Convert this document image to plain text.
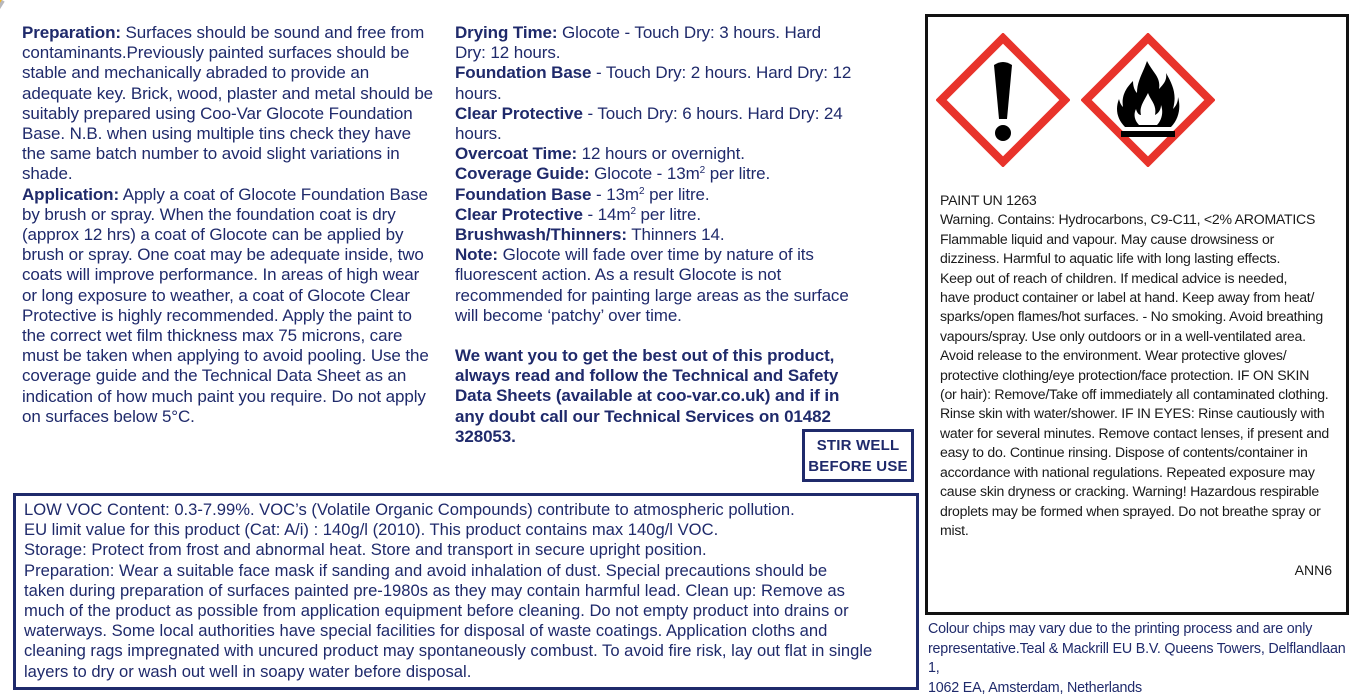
Preparation: Surfaces should be sound and free from contaminants.Previously painted surfaces should be stable and mechanically abraded to provide an adequate key. Brick, wood, plaster and metal should be suitably prepared using Coo-Var Glocote Foundation Base. N.B. when using multiple tins check they have the same batch number to avoid slight variations in shade.

Application: Apply a coat of Glocote Foundation Base by brush or spray. When the foundation coat is dry (approx 12 hrs) a coat of Glocote can be applied by brush or spray. One coat may be adequate inside, two coats will improve performance. In areas of high wear or long exposure to weather, a coat of Glocote Clear Protective is highly recommended. Apply the paint to the correct wet film thickness max 75 microns, care must be taken when applying to avoid pooling. Use the coverage guide and the Technical Data Sheet as an indication of how much paint you require. Do not apply on surfaces below 5°C.

Drying Time: Glocote - Touch Dry: 3 hours. Hard Dry: 12 hours.

Foundation Base - Touch Dry: 2 hours. Hard Dry: 12 hours.

Clear Protective - Touch Dry: 6 hours. Hard Dry: 24 hours.

Overcoat Time: 12 hours or overnight.

Coverage Guide: Glocote - $13m^2$ per litre.

Foundation Base - $13m^2$ per litre.

Clear Protective - $14m^2$ per litre.

Brushwash/Thinners: Thinners 14.

Note: Glocote will fade over time by nature of its fluorescent action. As a result Glocote is not recommended for painting large areas as the surface will become ‘patchy’ over time.

We want you to get the best out of this product, always read and follow the Technical and Safety Data Sheets (available at coo-var.co.uk) and if in any doubt call our Technical Services on 01482 328053.	STIR WELL
BEFORE USE

LOW VOC Content: 0.3-7.99%. VOC’s (Volatile Organic Compounds) contribute to atmospheric pollution.

EU limit value for this product (Cat: A/i) : 140g/l (2010). This product contains max 140g/l VOC.

Storage: Protect from frost and abnormal heat. Store and transport in secure upright position.

Preparation: Wear a suitable face mask if sanding and avoid inhalation of dust. Special precautions should be

taken during preparation of surfaces painted pre-1980s as they may contain harmful lead. Clean up: Remove as

much of the product as possible from application equipment before cleaning. Do not empty product into drains or

waterways. Some local authorities have special facilities for disposal of waste coatings. Application cloths and

cleaning rags impregnated with uncured product may spontaneously combust. To avoid fire risk, lay out flat in single

layers to dry or wash out well in soapy water before disposal.

PAINT UN 1263

Warning. Contains: Hydrocarbons, C9-C11, <2% AROMATICS

Flammable liquid and vapour. May cause drowsiness or

dizziness. Harmful to aquatic life with long lasting effects.

Keep out of reach of children. If medical advice is needed,

have product container or label at hand. Keep away from heat/

sparks/open flames/hot surfaces. - No smoking. Avoid breathing

vapours/spray. Use only outdoors or in a well-ventilated area.

Avoid release to the environment. Wear protective gloves/

protective clothing/eye protection/face protection. IF ON SKIN

(or hair): Remove/Take off immediately all contaminated clothing.

Rinse skin with water/shower. IF IN EYES: Rinse cautiously with

water for several minutes. Remove contact lenses, if present and

easy to do. Continue rinsing. Dispose of contents/container in

accordance with national regulations. Repeated exposure may

cause skin dryness or cracking. Warning! Hazardous respirable

droplets may be formed when sprayed. Do not breathe spray or

mist.

ANN6

Colour chips may vary due to the printing process and are only

representative.Teal & Mackrill EU B.V. Queens Towers, Delflandlaan 1,

1062 EA, Amsterdam, Netherlands
